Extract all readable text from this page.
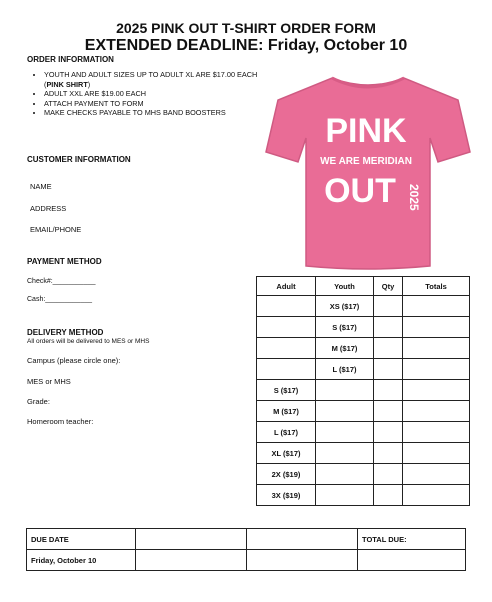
2025 PINK OUT T-SHIRT ORDER FORM
EXTENDED DEADLINE: Friday, October 10
ORDER INFORMATION
• YOUTH AND ADULT SIZES UP TO ADULT XL ARE $17.00 EACH (PINK SHIRT)
• ADULT XXL ARE $19.00 EACH
• ATTACH PAYMENT TO FORM
• MAKE CHECKS PAYABLE TO MHS BAND BOOSTERS
CUSTOMER INFORMATION
NAME
ADDRESS
EMAIL/PHONE
PAYMENT METHOD
Check#:___________
Cash:____________
DELIVERY METHOD
All orders will be delivered to MES or MHS
Campus (please circle one):
MES or MHS
Grade:
Homeroom teacher:
PINK
WE ARE MERIDIAN
OUT 2025
Adult	Youth	Qty	Totals
	XS ($17)		
	S ($17)		
	M ($17)		
	L ($17)		
S ($17)			
M ($17)			
L ($17)			
XL ($17)			
2X ($19)			
3X ($19)			
DUE DATE			TOTAL DUE:
Friday, October 10			
